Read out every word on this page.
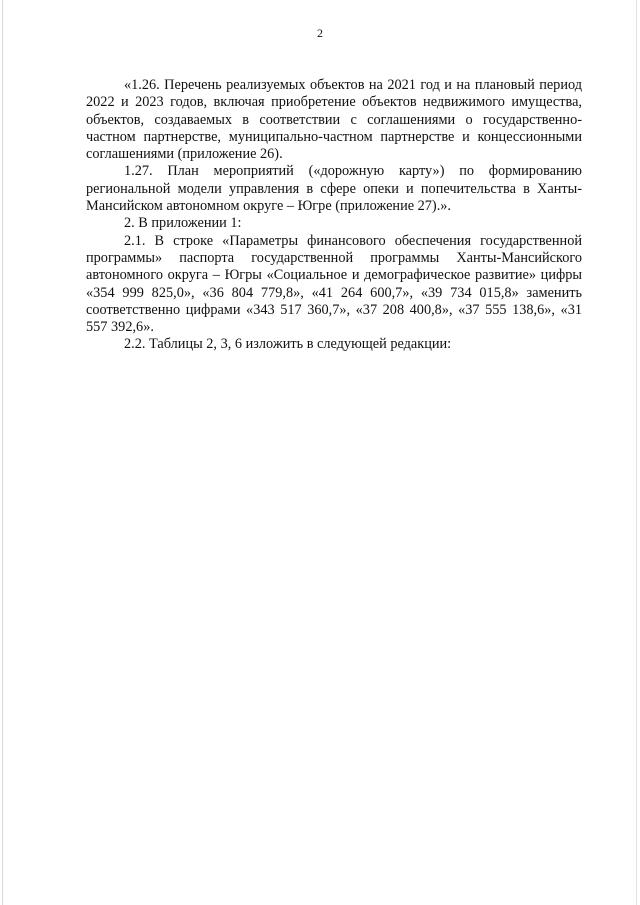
2

«1.26. Перечень реализуемых объектов на 2021 год и на плановый период 2022 и 2023 годов, включая приобретение объектов недвижимого имущества, объектов, создаваемых в соответствии с соглашениями о государственно-частном партнерстве, муниципально-частном партнерстве и концессионными соглашениями (приложение 26).

1.27. План мероприятий («дорожную карту») по формированию региональной модели управления в сфере опеки и попечительства в Ханты-Мансийском автономном округе – Югре (приложение 27).».

2. В приложении 1:

2.1. В строке «Параметры финансового обеспечения государственной программы» паспорта государственной программы Ханты-Мансийского автономного округа – Югры «Социальное и демографическое развитие» цифры «354 999 825,0», «36 804 779,8», «41 264 600,7», «39 734 015,8» заменить соответственно цифрами «343 517 360,7», «37 208 400,8», «37 555 138,6», «31 557 392,6».

2.2. Таблицы 2, 3, 6 изложить в следующей редакции:
